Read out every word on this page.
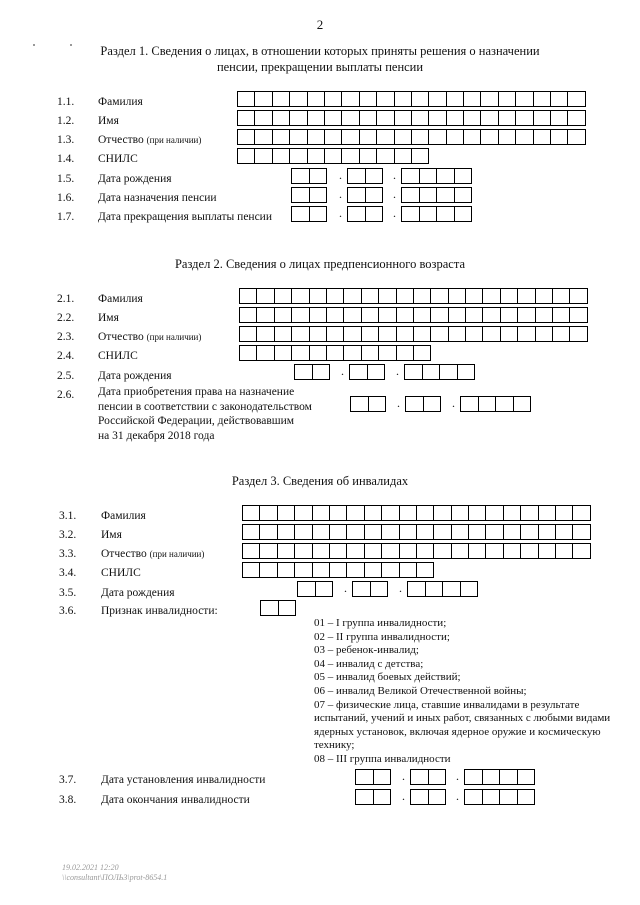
2
Раздел 1. Сведения о лицах, в отношении которых приняты решения о назначении
пенсии, прекращении выплаты пенсии
1.1. Фамилия
1.2. Имя
1.3. Отчество (при наличии)
1.4. СНИЛС
1.5. Дата рождения	.	.
1.6. Дата назначения пенсии	.	.
1.7. Дата прекращения выплаты пенсии	.	.
Раздел 2. Сведения о лицах предпенсионного возраста
2.1. Фамилия
2.2. Имя
2.3. Отчество (при наличии)
2.4. СНИЛС
2.5. Дата рождения	.	.
2.6. Дата приобретения права на назначение
пенсии в соответствии с законодательством
Российской Федерации, действовавшим
на 31 декабря 2018 года
.	.
Раздел 3. Сведения об инвалидах
3.1. Фамилия
3.2. Имя
3.3. Отчество (при наличии)
3.4. СНИЛС
3.5. Дата рождения	.	.
3.6. Признак инвалидности:
01 – I группа инвалидности;
02 – II группа инвалидности;
03 – ребенок-инвалид;
04 – инвалид с детства;
05 – инвалид боевых действий;
06 – инвалид Великой Отечественной войны;
07 – физические лица, ставшие инвалидами в результате испытаний, учений и иных работ, связанных с любыми видами ядерных установок, включая ядерное оружие и космическую технику;
08 – III группа инвалидности
3.7. Дата установления инвалидности	.	.
3.8. Дата окончания инвалидности	.	.
19.02.2021 12:20
\\consultant\ПОЛЬЗ\prot-8654.1
